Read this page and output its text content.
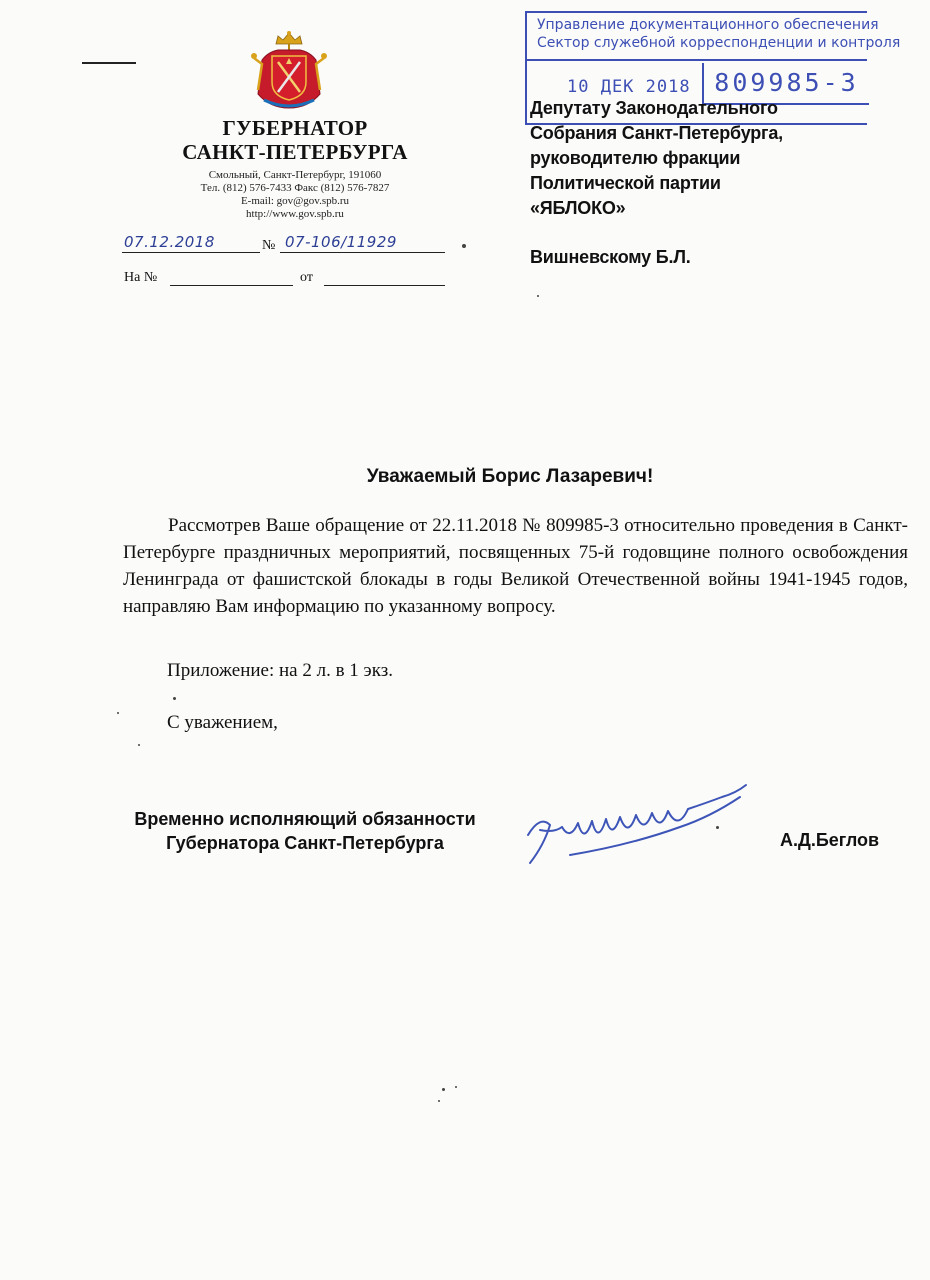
ГУБЕРНАТОР
САНКТ-ПЕТЕРБУРГА
Смольный, Санкт-Петербург, 191060
Тел. (812) 576-7433 Факс (812) 576-7827
E-mail: gov@gov.spb.ru
http://www.gov.spb.ru
07.12.2018	№ 07-106/11929
На №	от
Управление документационного обеспечения
Сектор служебной корреспонденции и контроля
10 ДЕК 2018 809985-3
Депутату Законодательного
Собрания Санкт-Петербурга,
руководителю фракции
Политической партии
«ЯБЛОКО»
Вишневскому Б.Л.
Уважаемый Борис Лазаревич!
Рассмотрев Ваше обращение от 22.11.2018 № 809985-3 относительно проведения в Санкт-Петербурге праздничных мероприятий, посвященных 75-й годовщине полного освобождения Ленинграда от фашистской блокады в годы Великой Отечественной войны 1941-1945 годов, направляю Вам информацию по указанному вопросу.
Приложение: на 2 л. в 1 экз.
С уважением,
Временно исполняющий обязанности
Губернатора Санкт-Петербурга	А.Д.Беглов
